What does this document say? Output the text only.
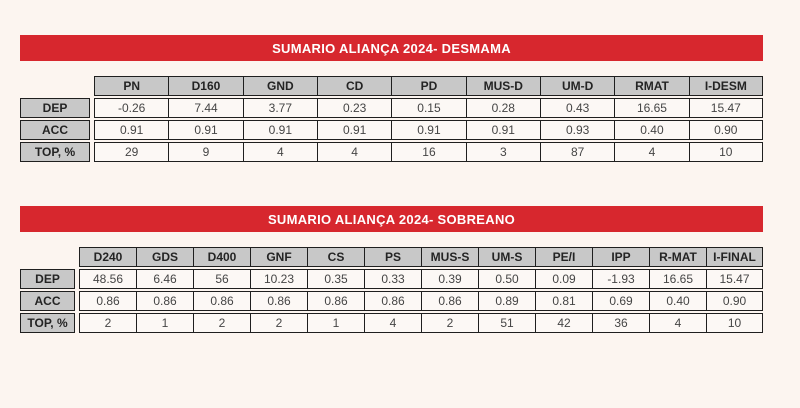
SUMARIO ALIANÇA 2024- DESMAMA
		PN	D160	GND	CD	PD	MUS-D	UM-D	RMAT	I-DESM
DEP		-0.26	7.44	3.77	0.23	0.15	0.28	0.43	16.65	15.47
ACC		0.91	0.91	0.91	0.91	0.91	0.91	0.93	0.40	0.90
TOP, %		29	9	4	4	16	3	87	4	10
SUMARIO ALIANÇA 2024- SOBREANO
		D240	GDS	D400	GNF	CS	PS	MUS-S	UM-S	PE/I	IPP	R-MAT	I-FINAL
DEP		48.56	6.46	56	10.23	0.35	0.33	0.39	0.50	0.09	-1.93	16.65	15.47
ACC		0.86	0.86	0.86	0.86	0.86	0.86	0.86	0.89	0.81	0.69	0.40	0.90
TOP, %		2	1	2	2	1	4	2	51	42	36	4	10
